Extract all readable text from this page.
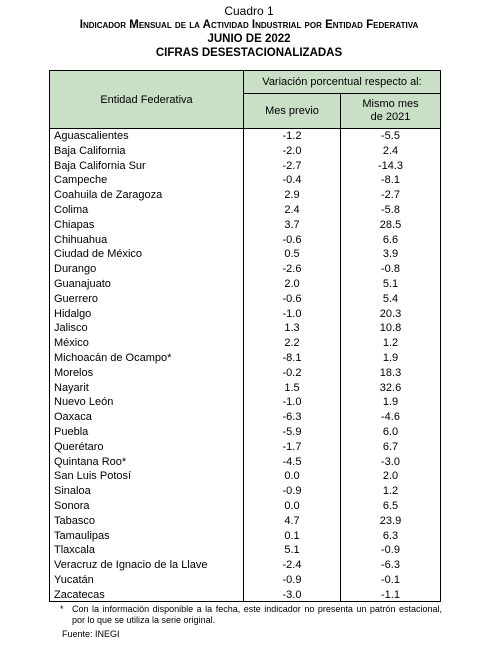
Cuadro 1
Indicador Mensual de la Actividad Industrial por Entidad Federativa
JUNIO DE 2022
CIFRAS DESESTACIONALIZADAS
Entidad Federativa
Variación porcentual respecto al:
Mes previo
Mismo mes
de 2021
Aguascalientes	-1.2	-5.5
Baja California	-2.0	2.4
Baja California Sur	-2.7	-14.3
Campeche	-0.4	-8.1
Coahuila de Zaragoza	2.9	-2.7
Colima	2.4	-5.8
Chiapas	3.7	28.5
Chihuahua	-0.6	6.6
Ciudad de México	0.5	3.9
Durango	-2.6	-0.8
Guanajuato	2.0	5.1
Guerrero	-0.6	5.4
Hidalgo	-1.0	20.3
Jalisco	1.3	10.8
México	2.2	1.2
Michoacán de Ocampo*	-8.1	1.9
Morelos	-0.2	18.3
Nayarit	1.5	32.6
Nuevo León	-1.0	1.9
Oaxaca	-6.3	-4.6
Puebla	-5.9	6.0
Querétaro	-1.7	6.7
Quintana Roo*	-4.5	-3.0
San Luis Potosí	0.0	2.0
Sinaloa	-0.9	1.2
Sonora	0.0	6.5
Tabasco	4.7	23.9
Tamaulipas	0.1	6.3
Tlaxcala	5.1	-0.9
Veracruz de Ignacio de la Llave	-2.4	-6.3
Yucatán	-0.9	-0.1
Zacatecas	-3.0	-1.1
* Con la información disponible a la fecha, este indicador no presenta un patrón estacional, por lo que se utiliza la serie original.
Fuente: INEGI
